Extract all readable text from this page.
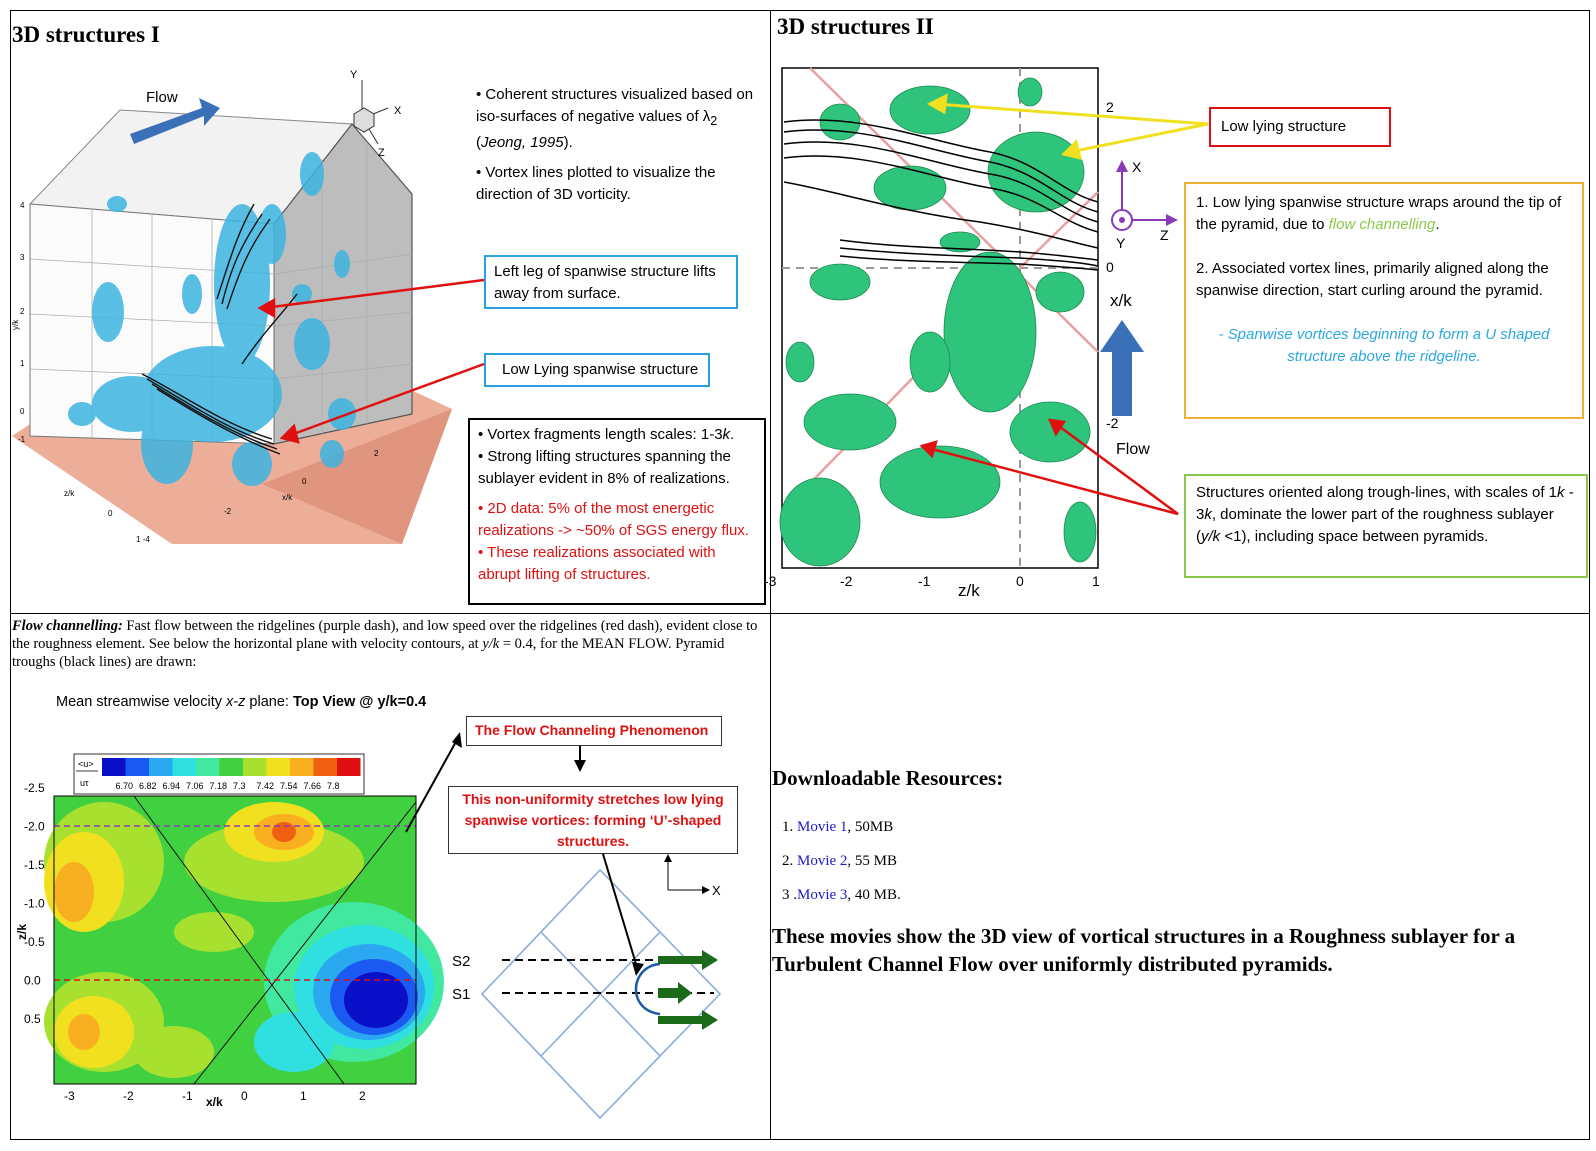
3D structures I
Flow
Y
X
Z
4
3
2
1
0
-1
0
1 -4
-2
0
2
y/k
z/k	x/k

• Coherent structures visualized based on iso-surfaces of negative values of $\lambda_2$ (Jeong, 1995).

• Vortex lines plotted to visualize the direction of 3D vorticity.

Left leg of spanwise structure lifts away from surface.
Low Lying spanwise structure
• Vortex fragments length scales: 1-3k.
• Strong lifting structures spanning the sublayer evident in 8% of realizations.
• 2D data: 5% of the most energetic realizations -> ~50% of SGS energy flux.
• These realizations associated with abrupt lifting of structures.
3D structures II
X
Y Z
-3	-2	-1	0	1
2
0
-2
z/k
x/k
Flow
Low lying structure
1. Low lying spanwise structure wraps around the tip of the pyramid, due to flow channelling.
2. Associated vortex lines, primarily aligned along the spanwise direction, start curling around the pyramid.
- Spanwise vortices beginning to form a U shaped structure above the ridgeline.
Structures oriented along trough-lines, with scales of 1k - 3k, dominate the lower part of the roughness sublayer (y/k <1), including space between pyramids.
Flow channelling: Fast flow between the ridgelines (purple dash), and low speed over the ridgelines (red dash), evident close to the roughness element. See below the horizontal plane with velocity contours, at y/k = 0.4, for the MEAN FLOW. Pyramid troughs (black lines) are drawn:
Mean streamwise velocity x-z plane: Top View @ y/k=0.4
<u>
uτ	6.70 6.82 6.94 7.06 7.18 7.3 7.42 7.54 7.66 7.8
-2.5
-2.0
-1.5
-1.0
-0.5
0.0
0.5
-3	-2	-1	0	1	2
z/k
x/k
X
S2
S1
The Flow Channeling Phenomenon
This non-uniformity stretches low lying spanwise vortices: forming ‘U’-shaped structures.
Downloadable Resources:
1. Movie 1, 50MB
2. Movie 2, 55 MB
3 .Movie 3, 40 MB.
These movies show the 3D view of vortical structures in a Roughness sublayer for a Turbulent Channel Flow over uniformly distributed pyramids.
